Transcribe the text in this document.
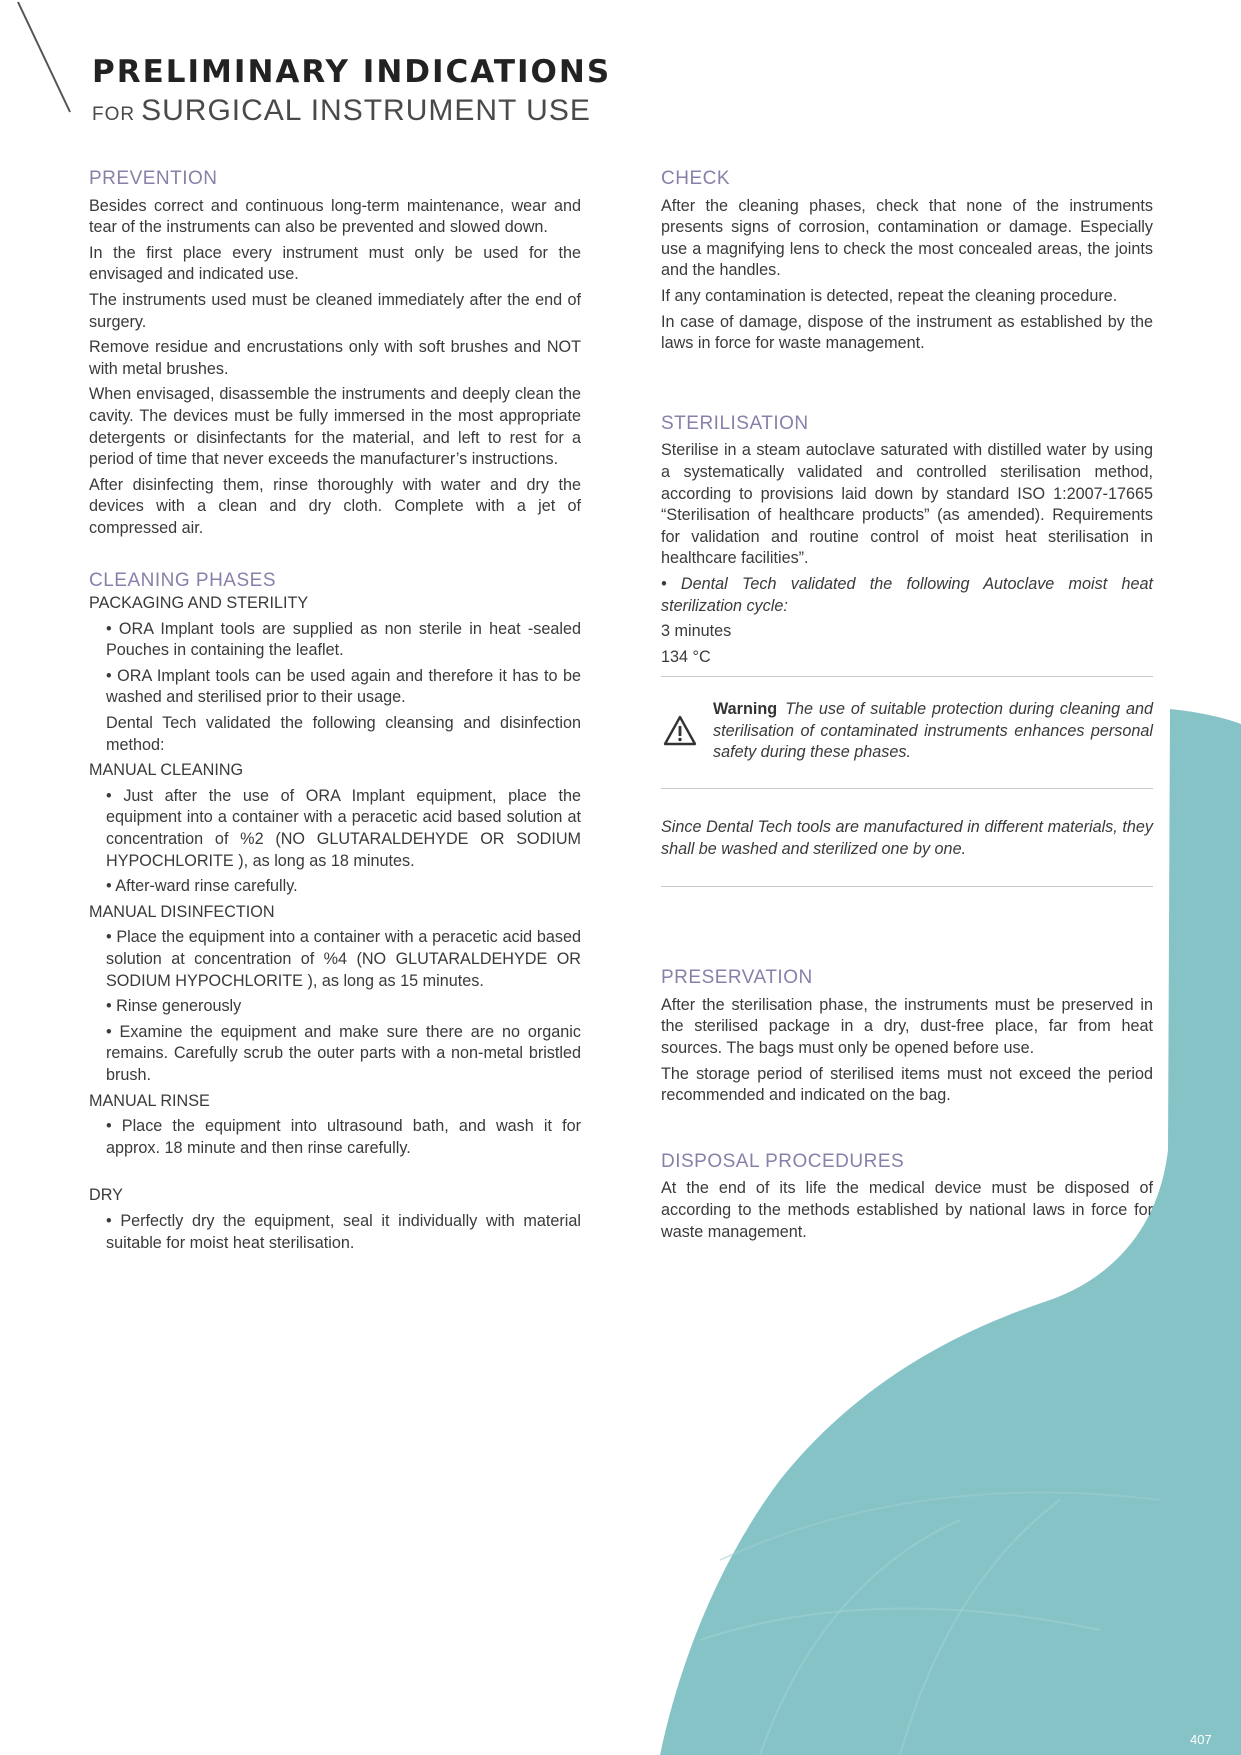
PRELIMINARY INDICATIONS
FOR SURGICAL INSTRUMENT USE
PREVENTION

Besides correct and continuous long-term maintenance, wear and tear of the instruments can also be prevented and slowed down.

In the first place every instrument must only be used for the envisaged and indicated use.

The instruments used must be cleaned immediately after the end of surgery.

Remove residue and encrustations only with soft brushes and NOT with metal brushes.

When envisaged, disassemble the instruments and deeply clean the cavity. The devices must be fully immersed in the most appropriate detergents or disinfectants for the material, and left to rest for a period of time that never exceeds the manufacturer’s instructions.

After disinfecting them, rinse thoroughly with water and dry the devices with a clean and dry cloth. Complete with a jet of compressed air.

CLEANING PHASES
PACKAGING AND STERILITY

• ORA Implant tools are supplied as non sterile in heat -sealed Pouches in containing the leaflet.

• ORA Implant tools can be used again and therefore it has to be washed and sterilised prior to their usage.

Dental Tech validated the following cleansing and disinfection method:

MANUAL CLEANING

• Just after the use of ORA Implant equipment, place the equipment into a container with a peracetic acid based solution at concentration of %2 (NO GLUTARALDEHYDE OR SODIUM HYPOCHLORITE ), as long as 18 minutes.

• After-ward rinse carefully.

MANUAL DISINFECTION

• Place the equipment into a container with a peracetic acid based solution at concentration of %4 (NO GLUTARALDEHYDE OR SODIUM HYPOCHLORITE ), as long as 15 minutes.

• Rinse generously

• Examine the equipment and make sure there are no organic remains. Carefully scrub the outer parts with a non-metal bristled brush.

MANUAL RINSE

• Place the equipment into ultrasound bath, and wash it for approx. 18 minute and then rinse carefully.

DRY

• Perfectly dry the equipment, seal it individually with material suitable for moist heat sterilisation.

CHECK

After the cleaning phases, check that none of the instruments presents signs of corrosion, contamination or damage. Especially use a magnifying lens to check the most concealed areas, the joints and the handles.

If any contamination is detected, repeat the cleaning procedure.

In case of damage, dispose of the instrument as established by the laws in force for waste management.

STERILISATION

Sterilise in a steam autoclave saturated with distilled water by using a systematically validated and controlled sterilisation method, according to provisions laid down by standard ISO 1:2007-17665 “Sterilisation of healthcare products” (as amended). Requirements for validation and routine control of moist heat sterilisation in healthcare facilities”.

• Dental Tech validated the following Autoclave moist heat sterilization cycle:

3 minutes

134 °C

Warning The use of suitable protection during cleaning and sterilisation of contaminated instruments enhances personal safety during these phases.

Since Dental Tech tools are manufactured in different materials, they shall be washed and sterilized one by one.

PRESERVATION

After the sterilisation phase, the instruments must be preserved in the sterilised package in a dry, dust-free place, far from heat sources. The bags must only be opened before use.

The storage period of sterilised items must not exceed the period recommended and indicated on the bag.

DISPOSAL PROCEDURES

At the end of its life the medical device must be disposed of according to the methods established by national laws in force for waste management.

407
